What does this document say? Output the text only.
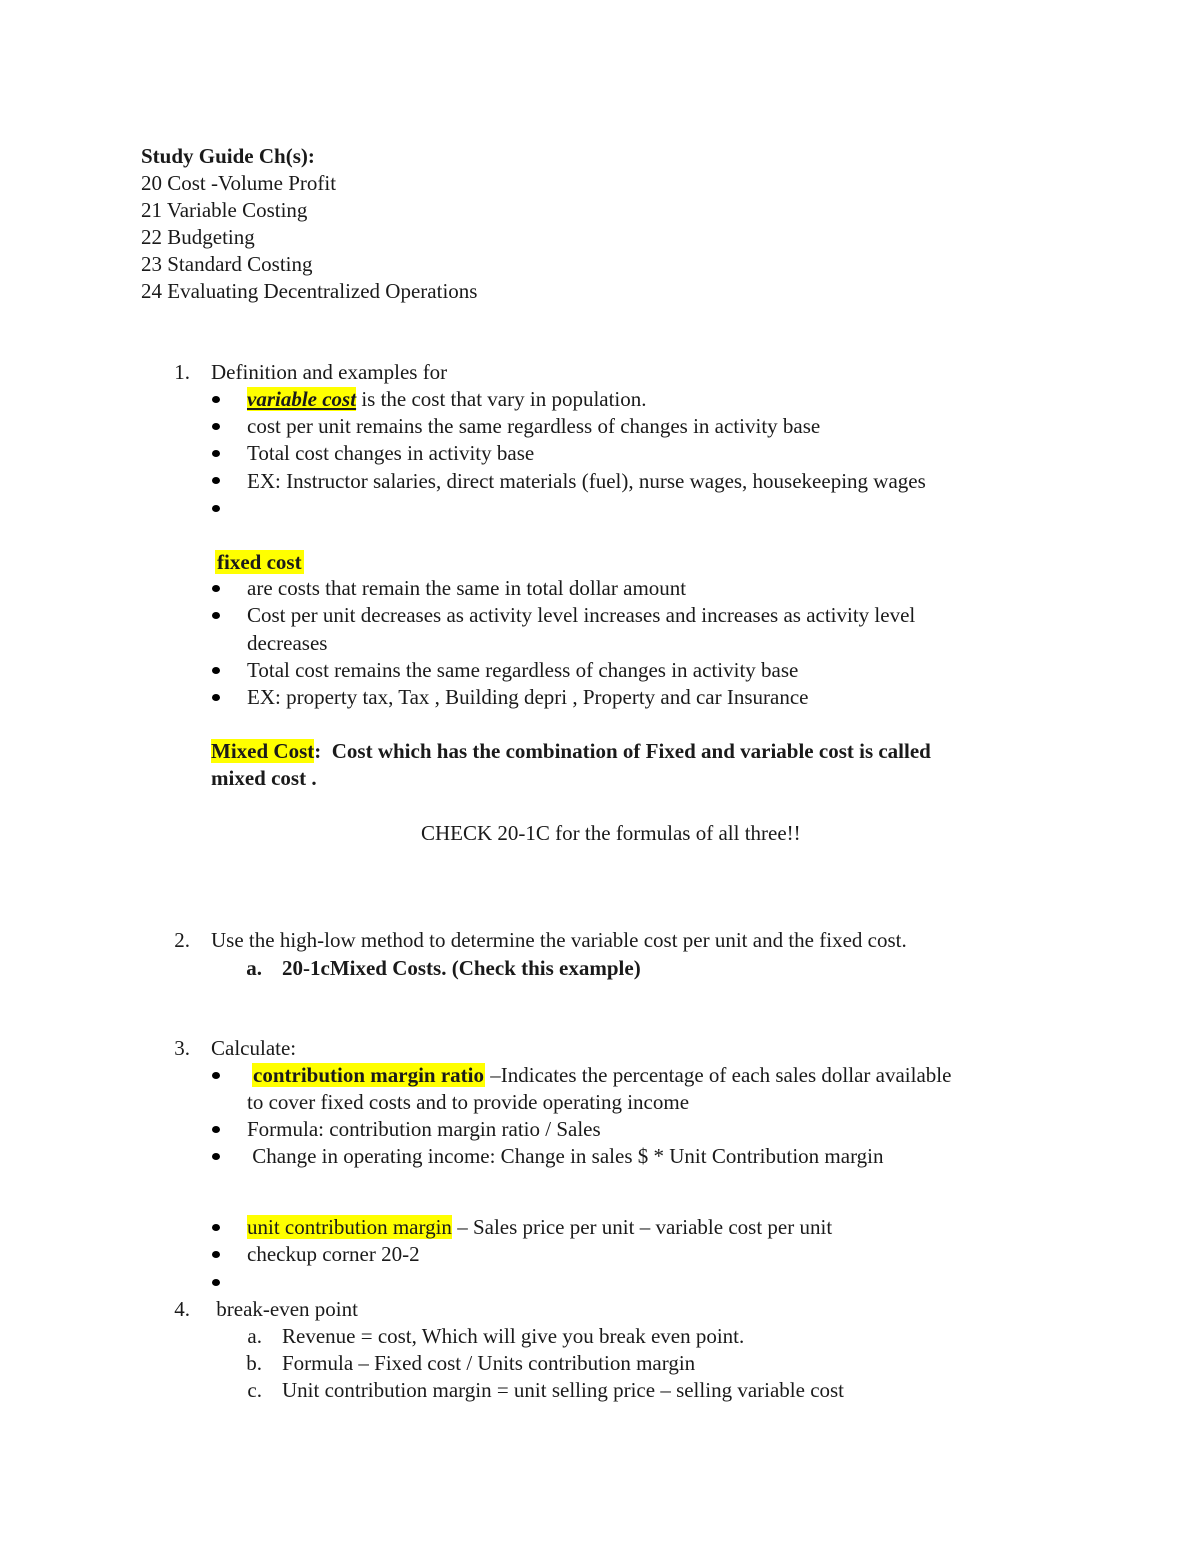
Study Guide Ch(s):
20 Cost -Volume Profit
21 Variable Costing
22 Budgeting
23 Standard Costing
24 Evaluating Decentralized Operations
1. Definition and examples for
variable cost is the cost that vary in population.
cost per unit remains the same regardless of changes in activity base
Total cost changes in activity base
EX: Instructor salaries, direct materials (fuel), nurse wages, housekeeping wages
fixed cost
are costs that remain the same in total dollar amount
Cost per unit decreases as activity level increases and increases as activity level
decreases
Total cost remains the same regardless of changes in activity base
EX: property tax, Tax , Building depri , Property and car Insurance
Mixed Cost: Cost which has the combination of Fixed and variable cost is called
mixed cost .
CHECK 20-1C for the formulas of all three!!
2. Use the high-low method to determine the variable cost per unit and the fixed cost.
a. 20-1cMixed Costs. (Check this example)
3. Calculate:
contribution margin ratio –Indicates the percentage of each sales dollar available
to cover fixed costs and to provide operating income
Formula: contribution margin ratio / Sales
Change in operating income: Change in sales $ * Unit Contribution margin
unit contribution margin – Sales price per unit – variable cost per unit
checkup corner 20-2
4. break-even point
a. Revenue = cost, Which will give you break even point.
b. Formula – Fixed cost / Units contribution margin
c. Unit contribution margin = unit selling price – selling variable cost
